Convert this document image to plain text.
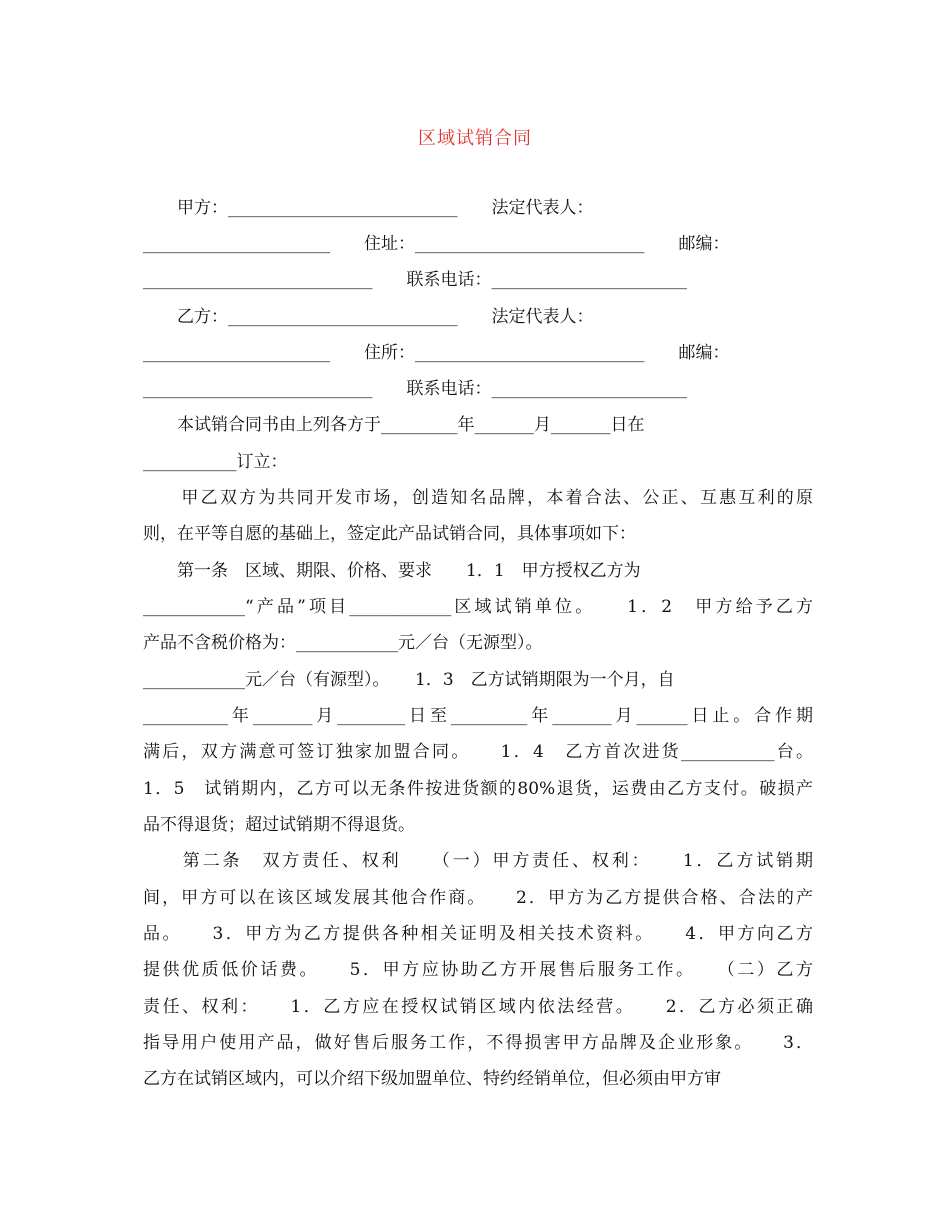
区域试销合同
　　甲方：___________________________　　法定代表人：
______________________　　住址：___________________________　　邮编：
___________________________　　联系电话：_______________________
　　乙方：___________________________　　法定代表人：
______________________　　住所：___________________________　　邮编：
___________________________　　联系电话：_______________________
　　本试销合同书由上列各方于_________年_______月_______日在
___________订立：
　　甲乙双方为共同开发市场，创造知名品牌，本着合法、公正、互惠互利的原
则，在平等自愿的基础上，签定此产品试销合同，具体事项如下：
　　第一条　区域、期限、价格、要求　　1．1　甲方授权乙方为
____________“产品”项目____________区域试销单位。　　1．2　甲方给予乙方
产品不含税价格为：____________元／台（无源型）。
____________元／台（有源型）。　　1．3　乙方试销期限为一个月，自
__________年_______月________日至_________年_______月______日止。合作期
满后，双方满意可签订独家加盟合同。　　1．4　乙方首次进货___________台。
1．5　试销期内，乙方可以无条件按进货额的80%退货，运费由乙方支付。破损产
品不得退货；超过试销期不得退货。
　　第二条　双方责任、权利　　（一）甲方责任、权利：　　1．乙方试销期
间，甲方可以在该区域发展其他合作商。　　2．甲方为乙方提供合格、合法的产
品。　　3．甲方为乙方提供各种相关证明及相关技术资料。　　4．甲方向乙方
提供优质低价话费。　　5．甲方应协助乙方开展售后服务工作。　　（二）乙方
责任、权利：　　1．乙方应在授权试销区域内依法经营。　　2．乙方必须正确
指导用户使用产品，做好售后服务工作，不得损害甲方品牌及企业形象。　　3．
乙方在试销区域内，可以介绍下级加盟单位、特约经销单位，但必须由甲方审
